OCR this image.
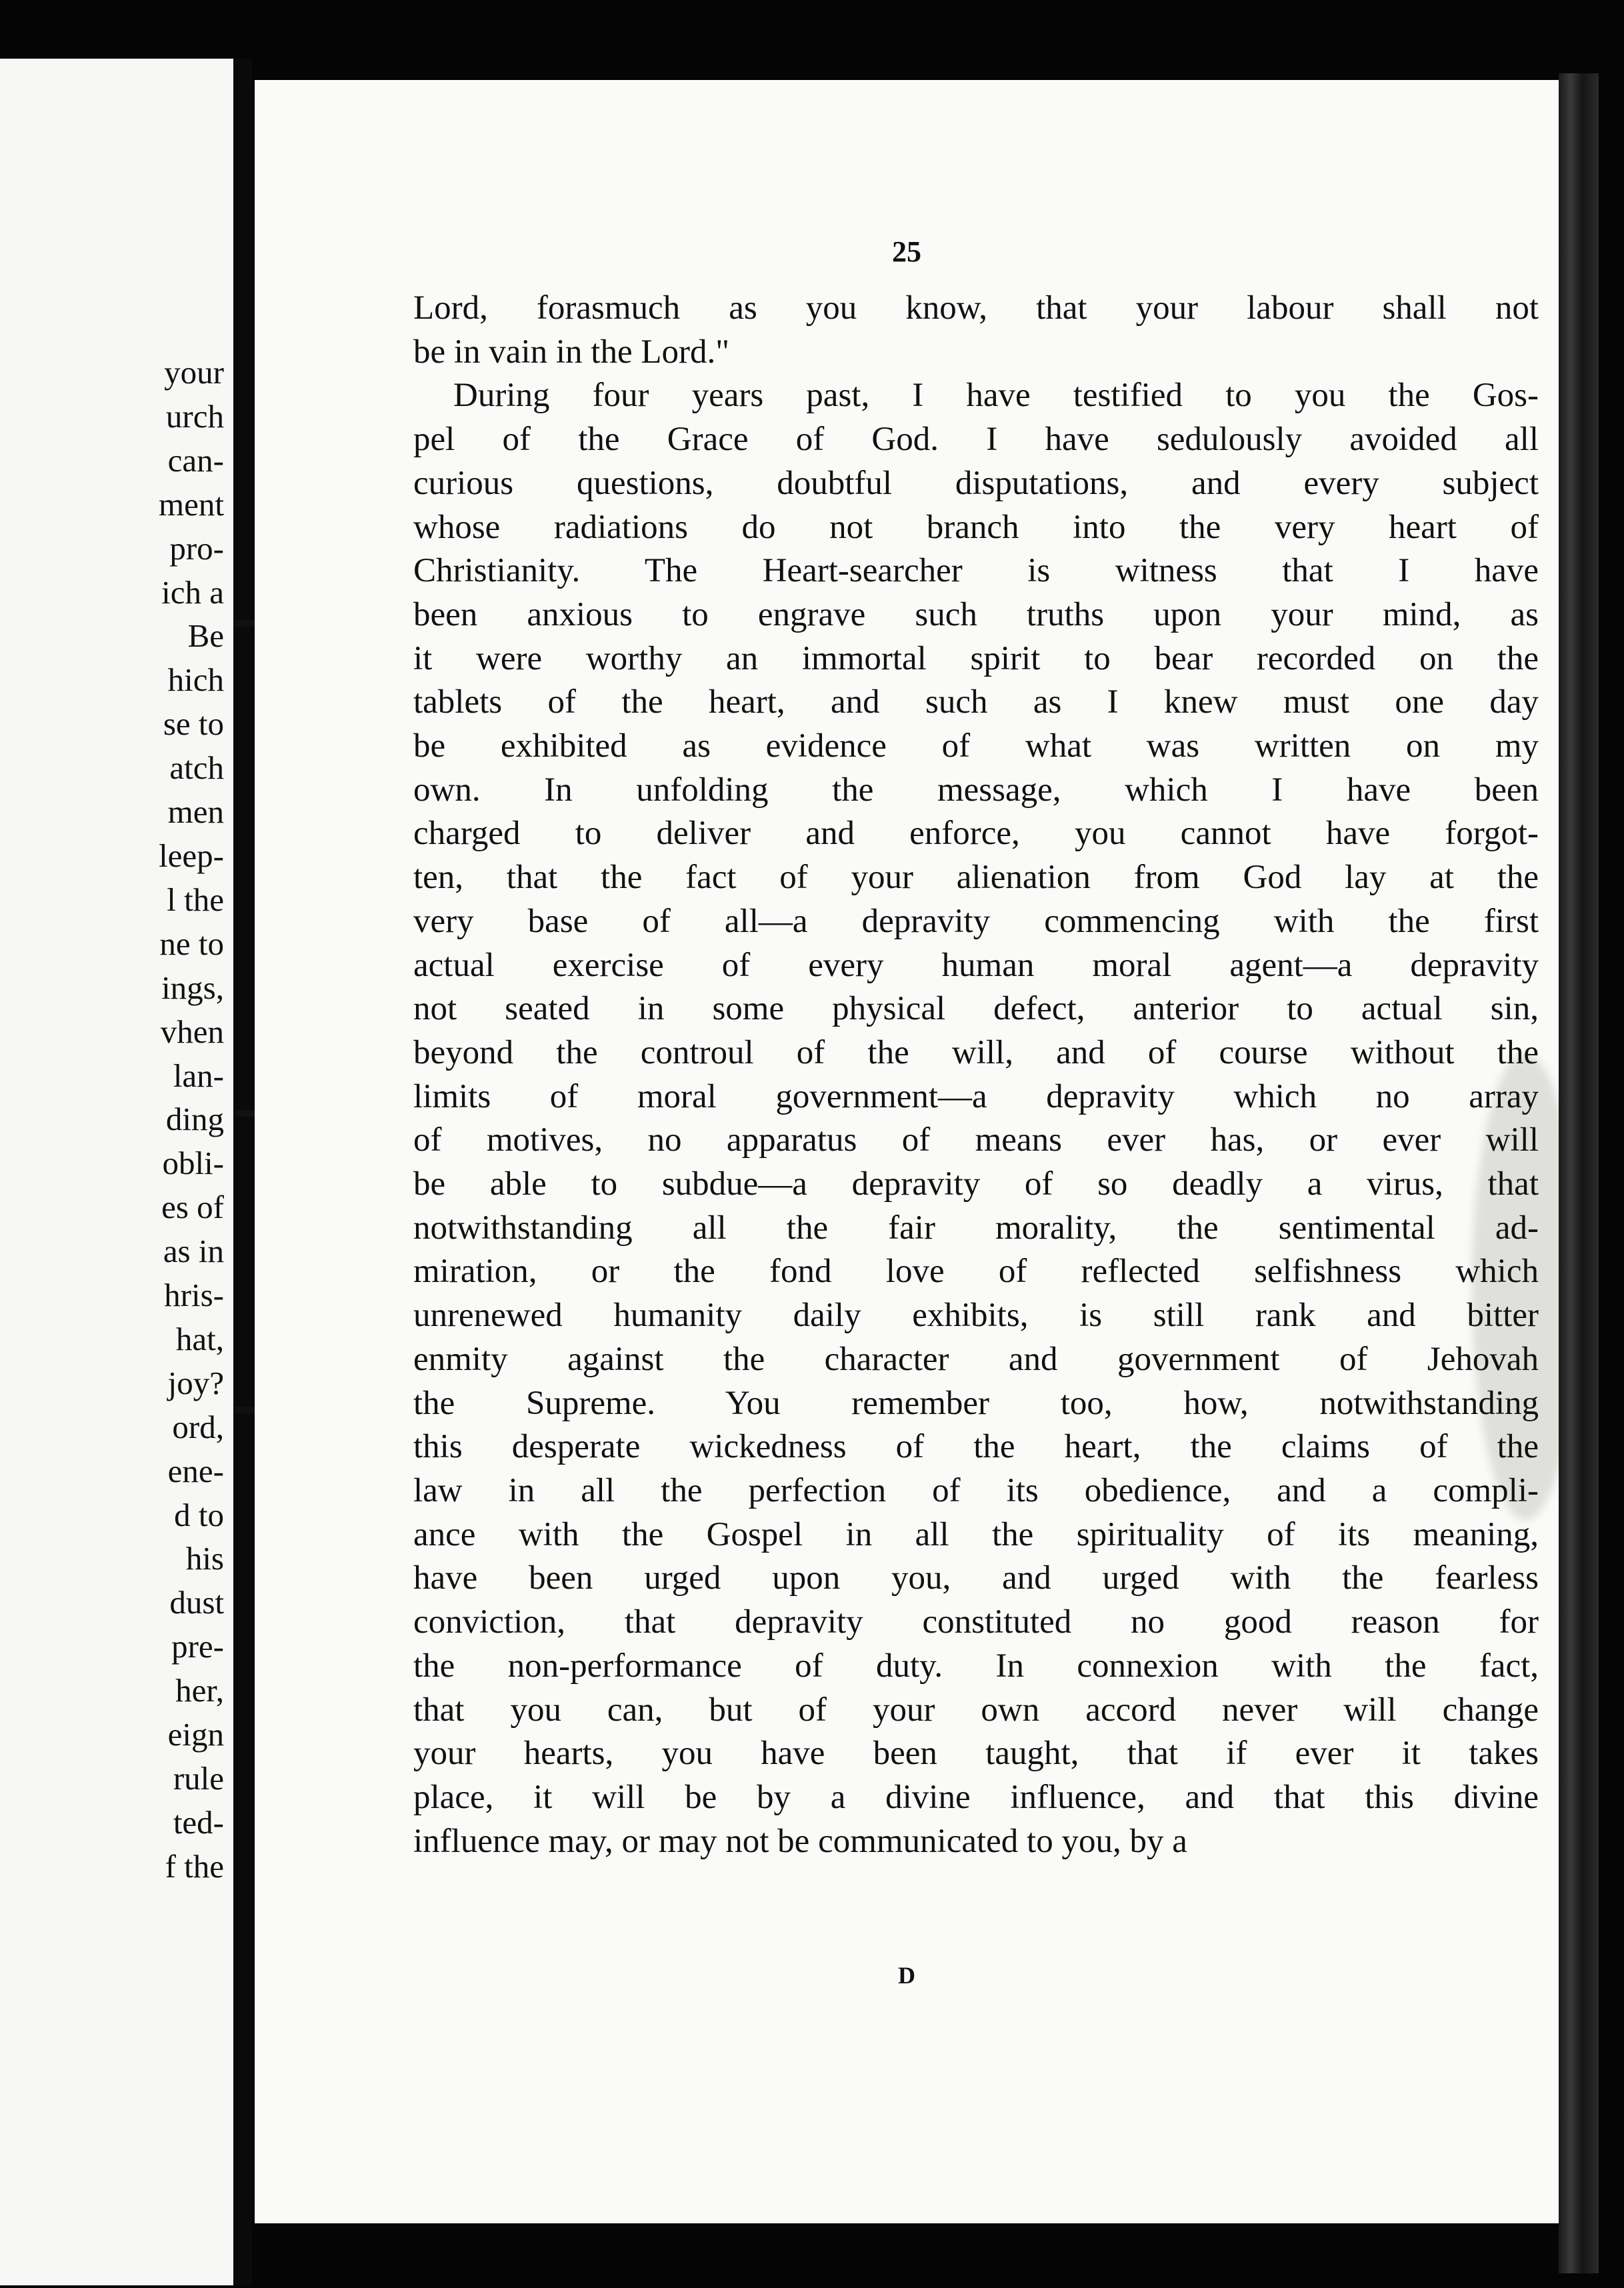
your
urch
can-
ment
pro-
ich a
Be
hich
se to
atch
men
leep-
l the
ne to
ings,
vhen
lan-
ding
obli-
es of
as in
hris-
hat,
joy?
ord,
ene-
d to
his
dust
pre-
her,
eign
rule
ted-
f the
25
Lord, forasmuch as you know, that your labour shall not
be in vain in the Lord."
During four years past, I have testified to you the Gos-
pel of the Grace of God. I have sedulously avoided all
curious questions, doubtful disputations, and every subject
whose radiations do not branch into the very heart of
Christianity. The Heart-searcher is witness that I have
been anxious to engrave such truths upon your mind, as
it were worthy an immortal spirit to bear recorded on the
tablets of the heart, and such as I knew must one day
be exhibited as evidence of what was written on my
own. In unfolding the message, which I have been
charged to deliver and enforce, you cannot have forgot-
ten, that the fact of your alienation from God lay at the
very base of all—a depravity commencing with the first
actual exercise of every human moral agent—a depravity
not seated in some physical defect, anterior to actual sin,
beyond the controul of the will, and of course without the
limits of moral government—a depravity which no array
of motives, no apparatus of means ever has, or ever will
be able to subdue—a depravity of so deadly a virus, that
notwithstanding all the fair morality, the sentimental ad-
miration, or the fond love of reflected selfishness which
unrenewed humanity daily exhibits, is still rank and bitter
enmity against the character and government of Jehovah
the Supreme. You remember too, how, notwithstanding
this desperate wickedness of the heart, the claims of the
law in all the perfection of its obedience, and a compli-
ance with the Gospel in all the spirituality of its meaning,
have been urged upon you, and urged with the fearless
conviction, that depravity constituted no good reason for
the non-performance of duty. In connexion with the fact,
that you can, but of your own accord never will change
your hearts, you have been taught, that if ever it takes
place, it will be by a divine influence, and that this divine
influence may, or may not be communicated to you, by a
D
